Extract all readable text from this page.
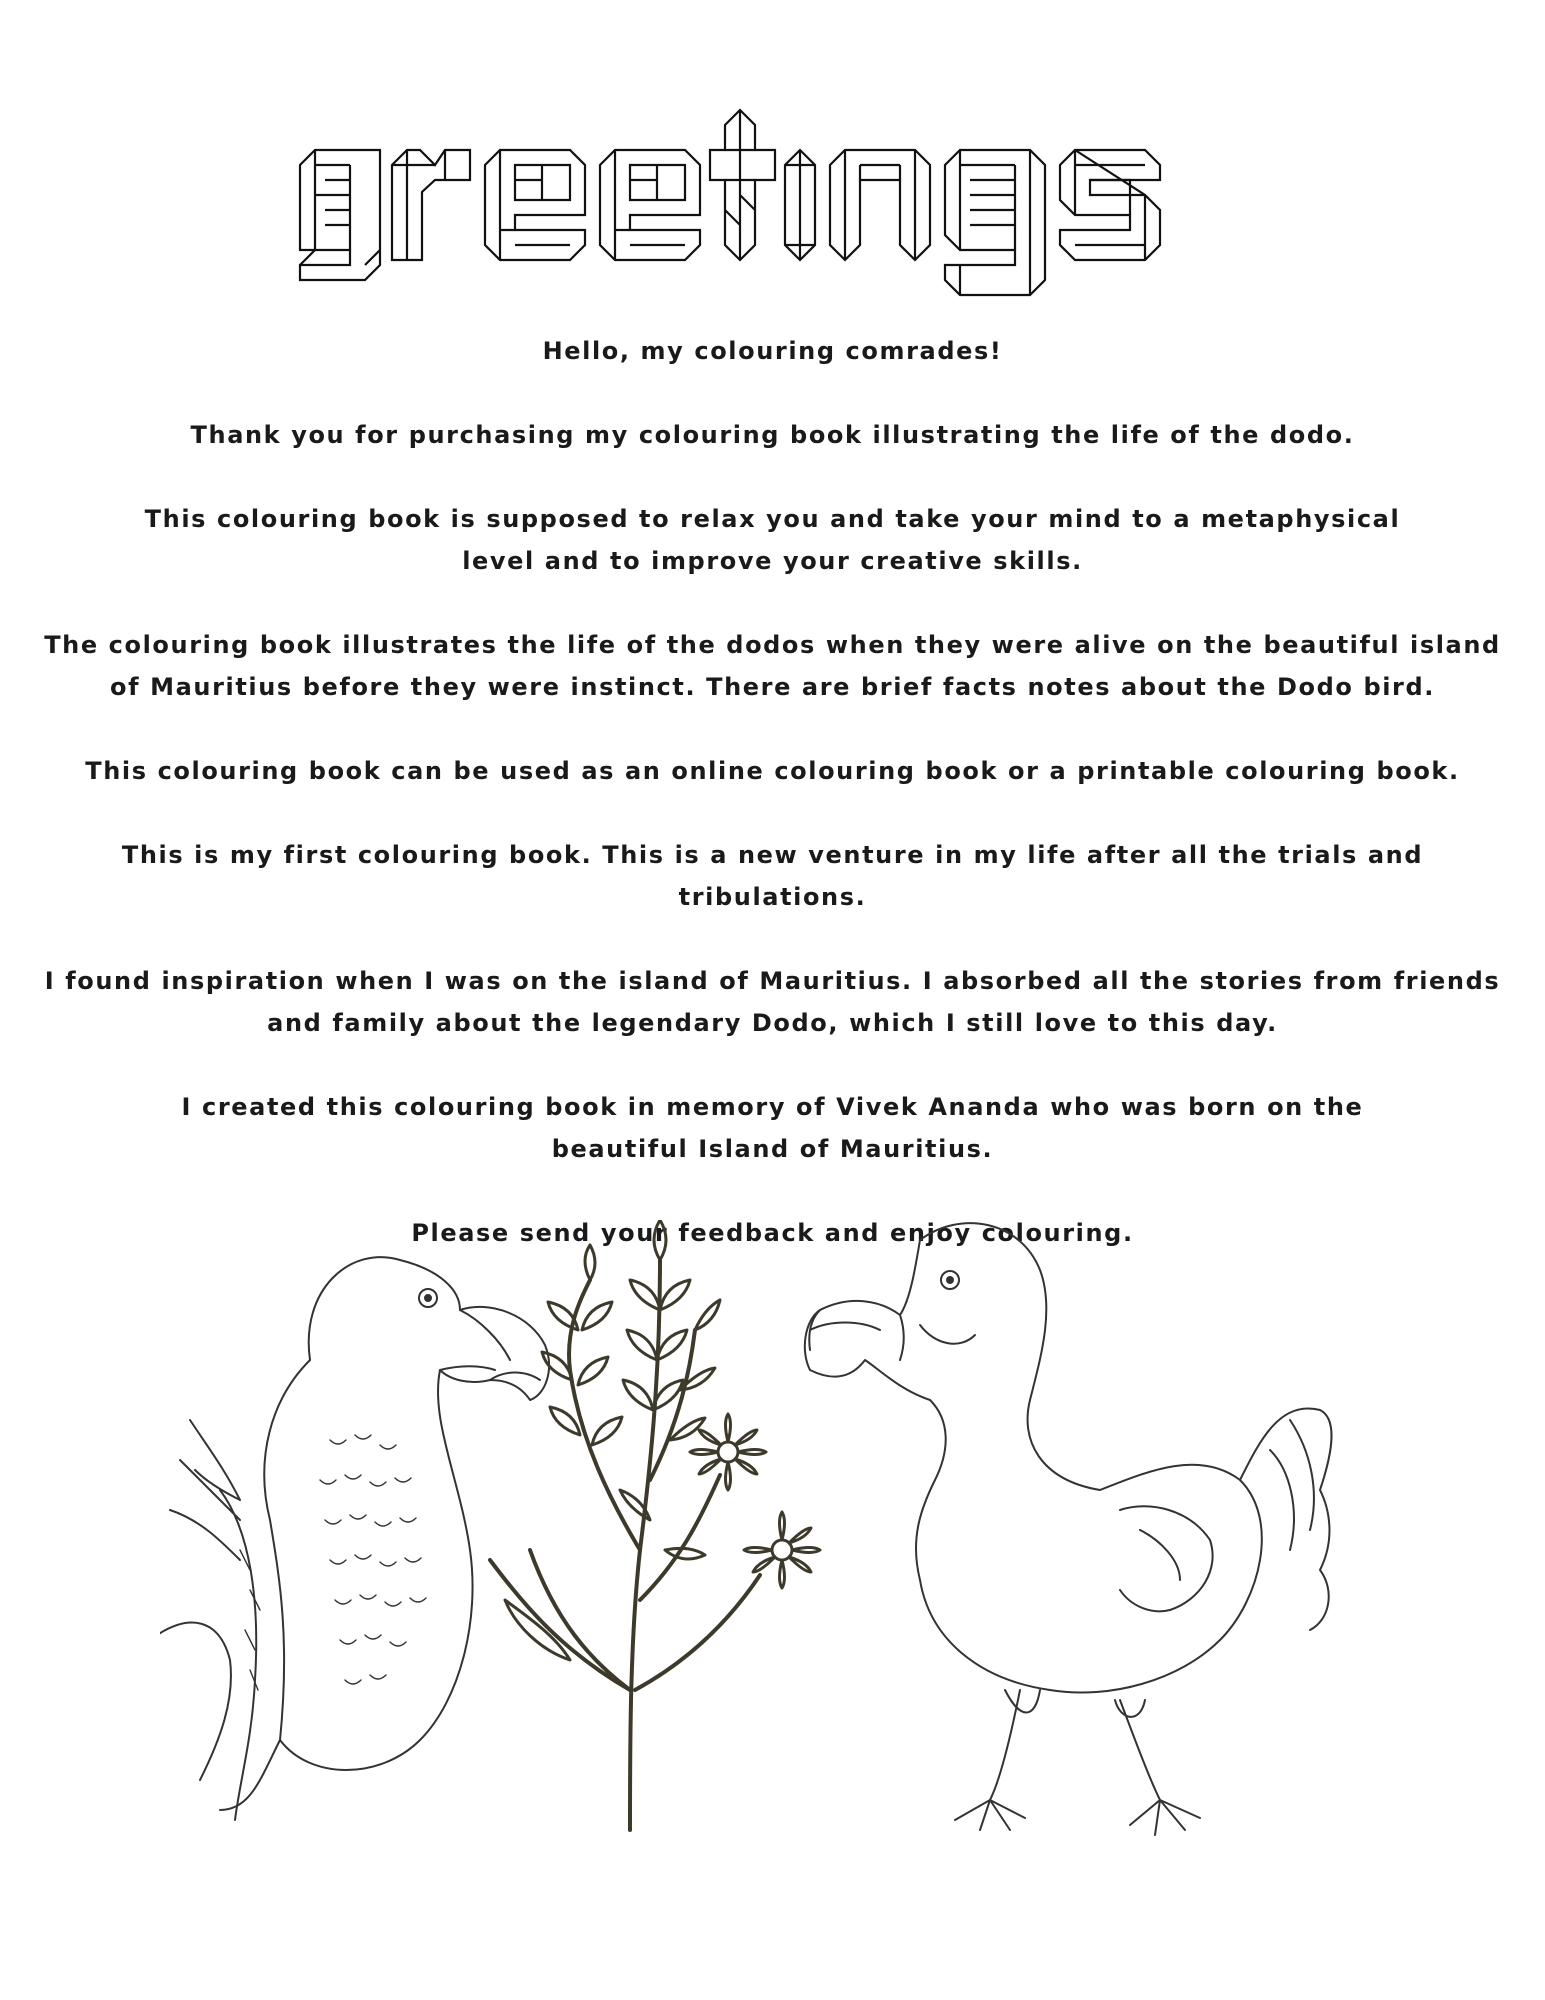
Hello, my colouring comrades!

Thank you for purchasing my colouring book illustrating the life of the dodo.

This colouring book is supposed to relax you and take your mind to a metaphysical
level and to improve your creative skills.

The colouring book illustrates the life of the dodos when they were alive on the beautiful island
of Mauritius before they were instinct. There are brief facts notes about the Dodo bird.

This colouring book can be used as an online colouring book or a printable colouring book.

This is my first colouring book. This is a new venture in my life after all the trials and tribulations.

I found inspiration when I was on the island of Mauritius. I absorbed all the stories from friends
and family about the legendary Dodo, which I still love to this day.

I created this colouring book in memory of Vivek Ananda who was born on the
beautiful Island of Mauritius.

Please send your feedback and enjoy colouring.
